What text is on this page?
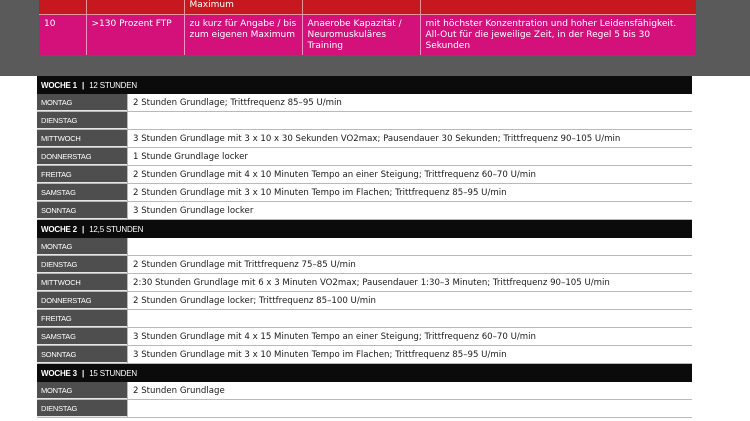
		Maximum		
10	>130 Prozent FTP	zu kurz für Angabe / bis zum eigenen Maximum	Anaerobe Kapazität / Neuromuskuläres Training	mit höchster Konzentration und hoher Leidensfähigkeit. All-Out für die jeweilige Zeit, in der Regel 5 bis 30 Sekunden
WOCHE 1 | 12 STUNDEN
MONTAG	2 Stunden Grundlage; Trittfrequenz 85–95 U/min
DIENSTAG
MITTWOCH	3 Stunden Grundlage mit 3 x 10 x 30 Sekunden VO2max; Pausendauer 30 Sekunden; Trittfrequenz 90–105 U/min
DONNERSTAG	1 Stunde Grundlage locker
FREITAG	2 Stunden Grundlage mit 4 x 10 Minuten Tempo an einer Steigung; Trittfrequenz 60–70 U/min
SAMSTAG	2 Stunden Grundlage mit 3 x 10 Minuten Tempo im Flachen; Trittfrequenz 85–95 U/min
SONNTAG	3 Stunden Grundlage locker
WOCHE 2 | 12,5 STUNDEN
MONTAG
DIENSTAG	2 Stunden Grundlage mit Trittfrequenz 75–85 U/min
MITTWOCH	2:30 Stunden Grundlage mit 6 x 3 Minuten VO2max; Pausendauer 1:30–3 Minuten; Trittfrequenz 90–105 U/min
DONNERSTAG	2 Stunden Grundlage locker; Trittfrequenz 85–100 U/min
FREITAG
SAMSTAG	3 Stunden Grundlage mit 4 x 15 Minuten Tempo an einer Steigung; Trittfrequenz 60–70 U/min
SONNTAG	3 Stunden Grundlage mit 3 x 10 Minuten Tempo im Flachen; Trittfrequenz 85–95 U/min
WOCHE 3 | 15 STUNDEN
MONTAG	2 Stunden Grundlage
DIENSTAG
